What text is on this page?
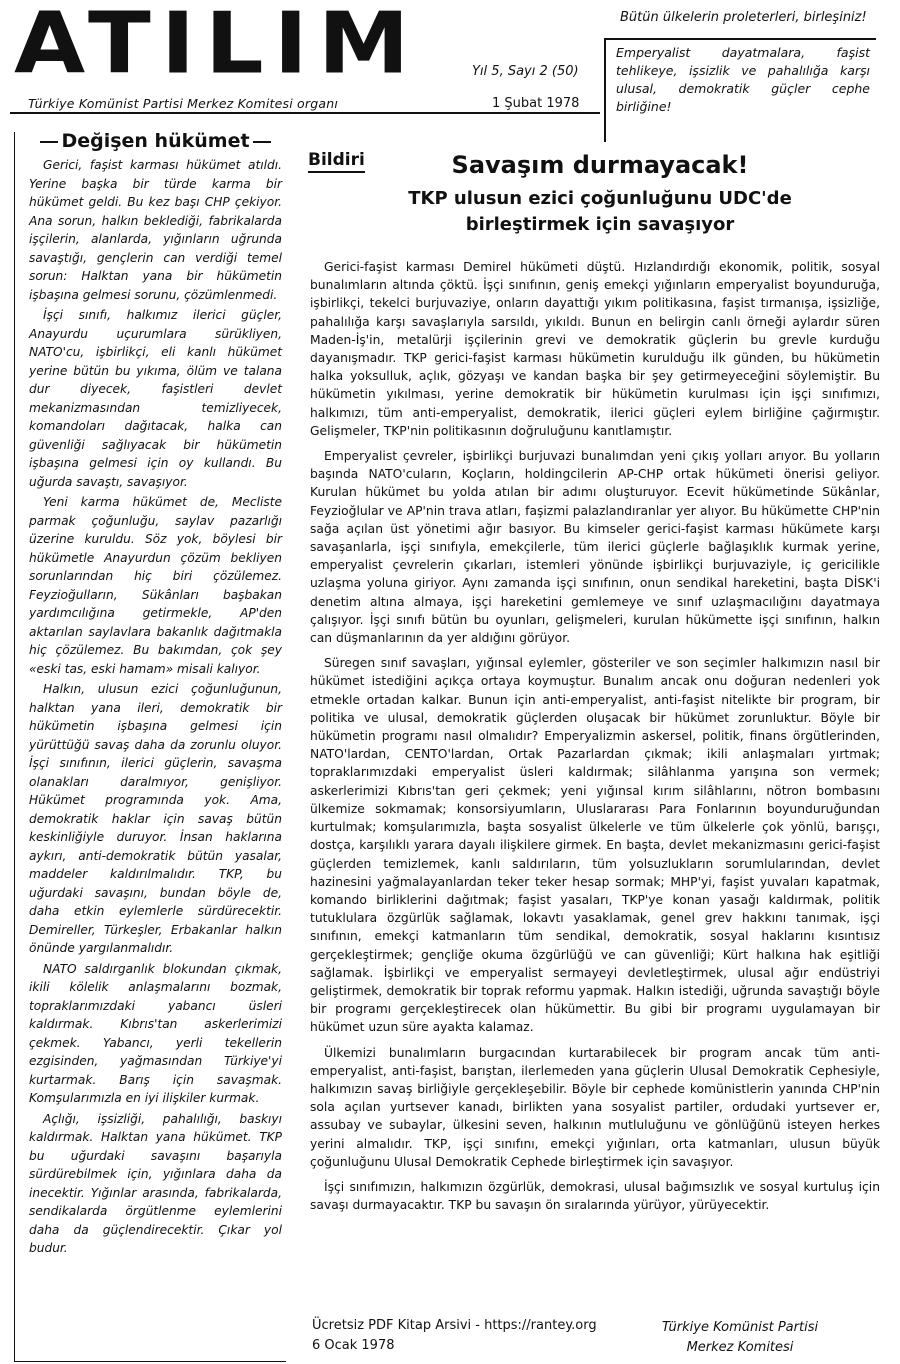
ATILIM
Türkiye Komünist Partisi Merkez Komitesi organı
Yıl 5, Sayı 2 (50)
1 Şubat 1978
Bütün ülkelerin proleterleri, birleşiniz!
Emperyalist dayatmalara, faşist tehlikeye, işsizlik ve pahalılığa karşı ulusal, demokratik güçler cephe birliğine!
Değişen hükümet

Gerici, faşist karması hükümet atıldı. Yerine başka bir türde karma bir hükümet geldi. Bu kez başı CHP çekiyor. Ana sorun, halkın beklediği, fabrikalarda işçilerin, alanlarda, yığınların uğrunda savaştığı, gençlerin can verdiği temel sorun: Halktan yana bir hükümetin işbaşına gelmesi sorunu, çözümlenmedi.

İşçi sınıfı, halkımız ilerici güçler, Anayurdu uçurumlara sürükliyen, NATO'cu, işbirlikçi, eli kanlı hükümet yerine bütün bu yıkıma, ölüm ve talana dur diyecek, faşistleri devlet mekanizmasından temizliyecek, komandoları dağıtacak, halka can güvenliği sağlıyacak bir hükümetin işbaşına gelmesi için oy kullandı. Bu uğurda savaştı, savaşıyor.

Yeni karma hükümet de, Mecliste parmak çoğunluğu, saylav pazarlığı üzerine kuruldu. Söz yok, böylesi bir hükümetle Anayurdun çözüm bekliyen sorunlarından hiç biri çözülemez. Feyzioğulların, Sükânları başbakan yardımcılığına getirmekle, AP'den aktarılan saylavlara bakanlık dağıtmakla hiç çözülemez. Bu bakımdan, çok şey «eski tas, eski hamam» misali kalıyor.

Halkın, ulusun ezici çoğunluğunun, halktan yana ileri, demokratik bir hükümetin işbaşına gelmesi için yürüttüğü savaş daha da zorunlu oluyor. İşçi sınıfının, ilerici güçlerin, savaşma olanakları daralmıyor, genişliyor. Hükümet programında yok. Ama, demokratik haklar için savaş bütün keskinliğiyle duruyor. İnsan haklarına aykırı, anti-demokratik bütün yasalar, maddeler kaldırılmalıdır. TKP, bu uğurdaki savaşını, bundan böyle de, daha etkin eylemlerle sürdürecektir. Demireller, Türkeşler, Erbakanlar halkın önünde yargılanmalıdır.

NATO saldırganlık blokundan çıkmak, ikili kölelik anlaşmalarını bozmak, topraklarımızdaki yabancı üsleri kaldırmak. Kıbrıs'tan askerlerimizi çekmek. Yabancı, yerli tekellerin ezgisinden, yağmasından Türkiye'yi kurtarmak. Barış için savaşmak. Komşularımızla en iyi ilişkiler kurmak.

Açlığı, işsizliği, pahalılığı, baskıyı kaldırmak. Halktan yana hükümet. TKP bu uğurdaki savaşını başarıyla sürdürebilmek için, yığınlara daha da inecektir. Yığınlar arasında, fabrikalarda, sendikalarda örgütlenme eylemlerini daha da güçlendirecektir. Çıkar yol budur.

Bildiri	Savaşım durmayacak!
TKP ulusun ezici çoğunluğunu UDC'de
birleştirmek için savaşıyor

Gerici-faşist karması Demirel hükümeti düştü. Hızlandırdığı ekonomik, politik, sosyal bunalımların altında çöktü. İşçi sınıfının, geniş emekçi yığınların emperyalist boyunduruğa, işbirlikçi, tekelci burjuvaziye, onların dayattığı yıkım politikasına, faşist tırmanışa, işsizliğe, pahalılığa karşı savaşlarıyla sarsıldı, yıkıldı. Bunun en belirgin canlı örneği aylardır süren Maden-İş'in, metalürji işçilerinin grevi ve demokratik güçlerin bu grevle kurduğu dayanışmadır. TKP gerici-faşist karması hükümetin kurulduğu ilk günden, bu hükümetin halka yoksulluk, açlık, gözyaşı ve kandan başka bir şey getirmeyeceğini söylemiştir. Bu hükümetin yıkılması, yerine demokratik bir hükümetin kurulması için işçi sınıfımızı, halkımızı, tüm anti-emperyalist, demokratik, ilerici güçleri eylem birliğine çağırmıştır. Gelişmeler, TKP'nin politikasının doğruluğunu kanıtlamıştır.

Emperyalist çevreler, işbirlikçi burjuvazi bunalımdan yeni çıkış yolları arıyor. Bu yolların başında NATO'cuların, Koçların, holdingcilerin AP-CHP ortak hükümeti önerisi geliyor. Kurulan hükümet bu yolda atılan bir adımı oluşturuyor. Ecevit hükümetinde Sükânlar, Feyzioğlular ve AP'nin trava atları, faşizmi palazlandıranlar yer alıyor. Bu hükümette CHP'nin sağa açılan üst yönetimi ağır basıyor. Bu kimseler gerici-faşist karması hükümete karşı savaşanlarla, işçi sınıfıyla, emekçilerle, tüm ilerici güçlerle bağlaşıklık kurmak yerine, emperyalist çevrelerin çıkarları, istemleri yönünde işbirlikçi burjuvaziyle, iç gericilikle uzlaşma yoluna giriyor. Aynı zamanda işçi sınıfının, onun sendikal hareketini, başta DİSK'i denetim altına almaya, işçi hareketini gemlemeye ve sınıf uzlaşmacılığını dayatmaya çalışıyor. İşçi sınıfı bütün bu oyunları, gelişmeleri, kurulan hükümette işçi sınıfının, halkın can düşmanlarının da yer aldığını görüyor.

Süregen sınıf savaşları, yığınsal eylemler, gösteriler ve son seçimler halkımızın nasıl bir hükümet istediğini açıkça ortaya koymuştur. Bunalım ancak onu doğuran nedenleri yok etmekle ortadan kalkar. Bunun için anti-emperyalist, anti-faşist nitelikte bir program, bir politika ve ulusal, demokratik güçlerden oluşacak bir hükümet zorunluktur. Böyle bir hükümetin programı nasıl olmalıdır? Emperyalizmin askersel, politik, finans örgütlerinden, NATO'lardan, CENTO'lardan, Ortak Pazarlardan çıkmak; ikili anlaşmaları yırtmak; topraklarımızdaki emperyalist üsleri kaldırmak; silâhlanma yarışına son vermek; askerlerimizi Kıbrıs'tan geri çekmek; yeni yığınsal kırım silâhlarını, nötron bombasını ülkemize sokmamak; konsorsiyumların, Uluslararası Para Fonlarının boyunduruğundan kurtulmak; komşularımızla, başta sosyalist ülkelerle ve tüm ülkelerle çok yönlü, barışçı, dostça, karşılıklı yarara dayalı ilişkilere girmek. En başta, devlet mekanizmasını gerici-faşist güçlerden temizlemek, kanlı saldırıların, tüm yolsuzlukların sorumlularından, devlet hazinesini yağmalayanlardan teker teker hesap sormak; MHP'yi, faşist yuvaları kapatmak, komando birliklerini dağıtmak; faşist yasaları, TKP'ye konan yasağı kaldırmak, politik tutuklulara özgürlük sağlamak, lokavtı yasaklamak, genel grev hakkını tanımak, işçi sınıfının, emekçi katmanların tüm sendikal, demokratik, sosyal haklarını kısıntısız gerçekleştirmek; gençliğe okuma özgürlüğü ve can güvenliği; Kürt halkına hak eşitliği sağlamak. İşbirlikçi ve emperyalist sermayeyi devletleştirmek, ulusal ağır endüstriyi geliştirmek, demokratik bir toprak reformu yapmak. Halkın istediği, uğrunda savaştığı böyle bir programı gerçekleştirecek olan hükümettir. Bu gibi bir programı uygulamayan bir hükümet uzun süre ayakta kalamaz.

Ülkemizi bunalımların burgacından kurtarabilecek bir program ancak tüm anti-emperyalist, anti-faşist, barıştan, ilerlemeden yana güçlerin Ulusal Demokratik Cephesiyle, halkımızın savaş birliğiyle gerçekleşebilir. Böyle bir cephede komünistlerin yanında CHP'nin sola açılan yurtsever kanadı, birlikten yana sosyalist partiler, ordudaki yurtsever er, assubay ve subaylar, ülkesini seven, halkının mutluluğunu ve gönlüğünü isteyen herkes yerini almalıdır. TKP, işçi sınıfını, emekçi yığınları, orta katmanları, ulusun büyük çoğunluğunu Ulusal Demokratik Cephede birleştirmek için savaşıyor.

İşçi sınıfımızın, halkımızın özgürlük, demokrasi, ulusal bağımsızlık ve sosyal kurtuluş için savaşı durmayacaktır. TKP bu savaşın ön sıralarında yürüyor, yürüyecektir.

Ücretsiz PDF Kitap Arsivi - https://rantey.org
6 Ocak 1978
Türkiye Komünist Partisi
Merkez Komitesi
